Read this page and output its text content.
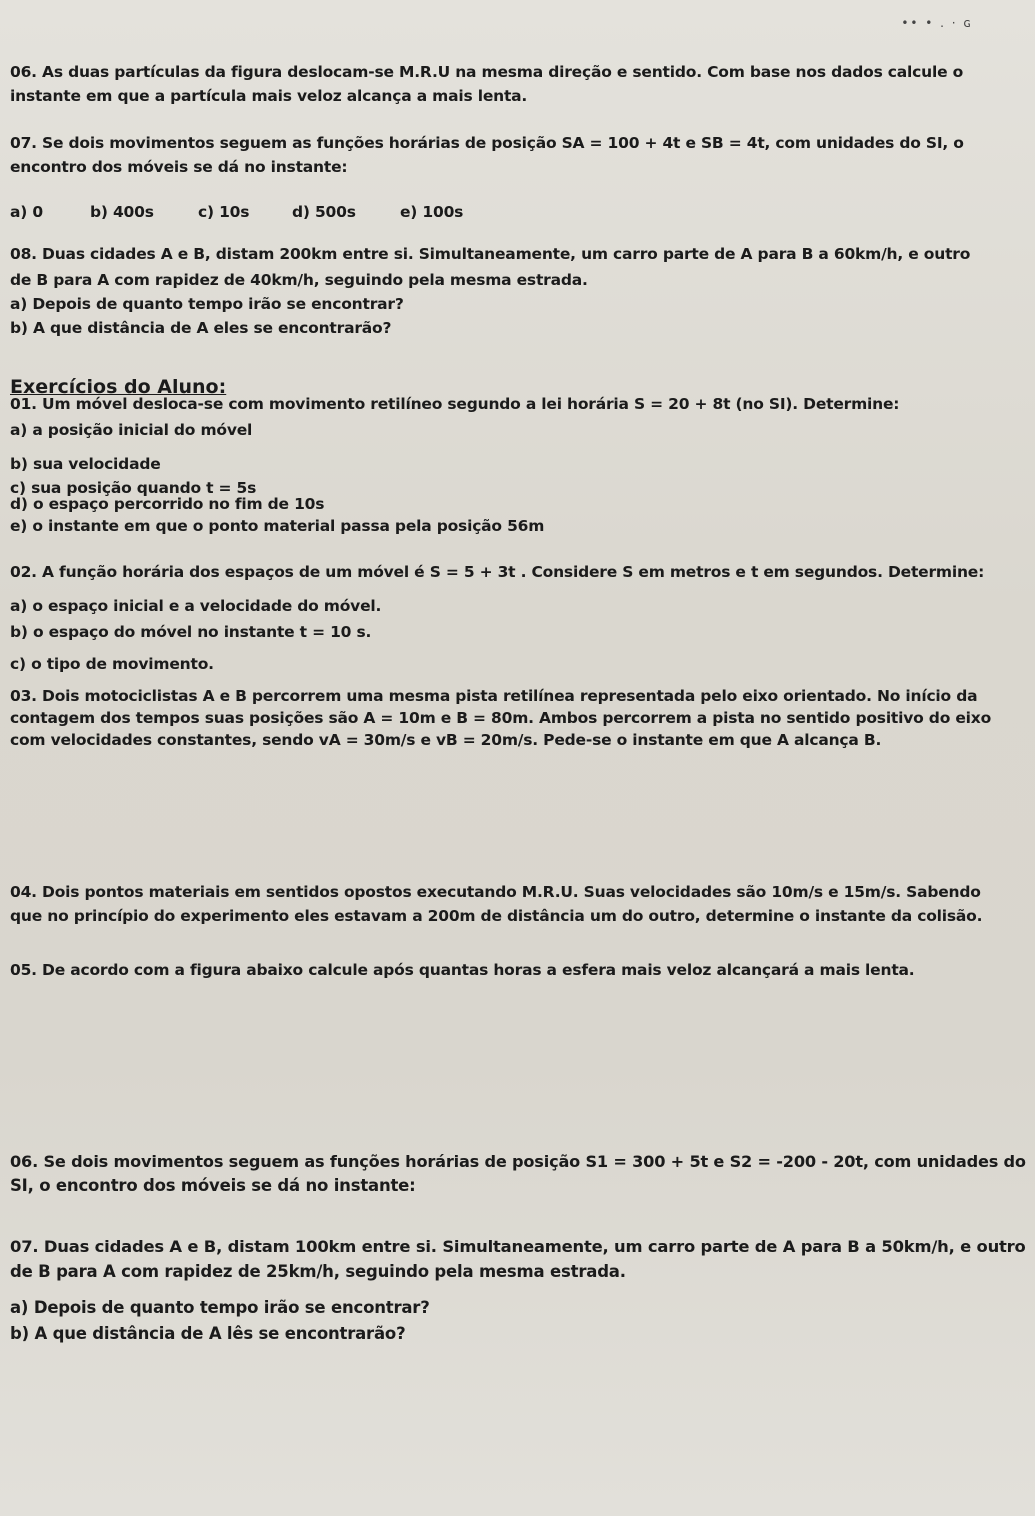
•• • . · ɢ
06. As duas partículas da figura deslocam-se M.R.U na mesma direção e sentido. Com base nos dados calcule o
instante em que a partícula mais veloz alcança a mais lenta.
07. Se dois movimentos seguem as funções horárias de posição SA = 100 + 4t e SB = 4t, com unidades do SI, o
encontro dos móveis se dá no instante:
a) 0	b) 400s	c) 10s	d) 500s	e) 100s
08. Duas cidades A e B, distam 200km entre si. Simultaneamente, um carro parte de A para B a 60km/h, e outro
de B para A com rapidez de 40km/h, seguindo pela mesma estrada.
a) Depois de quanto tempo irão se encontrar?
b) A que distância de A eles se encontrarão?
Exercícios do Aluno:
01. Um móvel desloca-se com movimento retilíneo segundo a lei horária S = 20 + 8t (no SI). Determine:
a) a posição inicial do móvel
b) sua velocidade
c) sua posição quando t = 5s
d) o espaço percorrido no fim de 10s
e) o instante em que o ponto material passa pela posição 56m
02. A função horária dos espaços de um móvel é S = 5 + 3t . Considere S em metros e t em segundos. Determine:
a) o espaço inicial e a velocidade do móvel.
b) o espaço do móvel no instante t = 10 s.
c) o tipo de movimento.
03. Dois motociclistas A e B percorrem uma mesma pista retilínea representada pelo eixo orientado. No início da
contagem dos tempos suas posições são A = 10m e B = 80m. Ambos percorrem a pista no sentido positivo do eixo
com velocidades constantes, sendo vA = 30m/s e vB = 20m/s. Pede-se o instante em que A alcança B.
04. Dois pontos materiais em sentidos opostos executando M.R.U. Suas velocidades são 10m/s e 15m/s. Sabendo
que no princípio do experimento eles estavam a 200m de distância um do outro, determine o instante da colisão.
05. De acordo com a figura abaixo calcule após quantas horas a esfera mais veloz alcançará a mais lenta.
06. Se dois movimentos seguem as funções horárias de posição S1 = 300 + 5t e S2 = -200 - 20t, com unidades do
SI, o encontro dos móveis se dá no instante:
07. Duas cidades A e B, distam 100km entre si. Simultaneamente, um carro parte de A para B a 50km/h, e outro
de B para A com rapidez de 25km/h, seguindo pela mesma estrada.
a) Depois de quanto tempo irão se encontrar?
b) A que distância de A lês se encontrarão?
